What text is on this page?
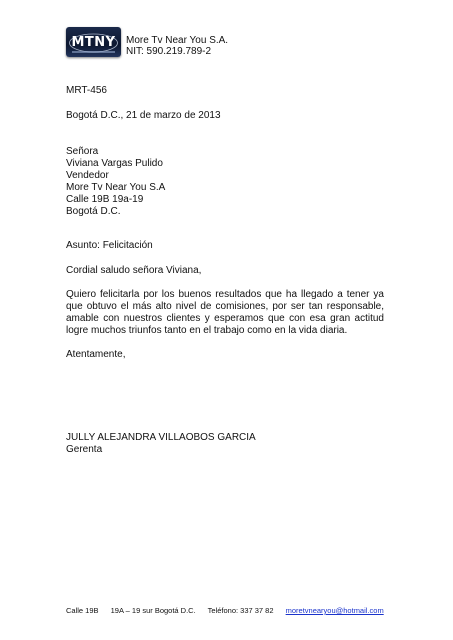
MTNY More Tv Near You S.A.
NIT: 590.219.789-2
MRT-456
Bogotá D.C., 21 de marzo de 2013
Señora
Viviana Vargas Pulido
Vendedor
More Tv Near You S.A
Calle 19B 19a-19
Bogotá D.C.
Asunto: Felicitación
Cordial saludo señora Viviana,
Quiero felicitarla por los buenos resultados que ha llegado a tener ya que obtuvo el más alto nivel de comisiones, por ser tan responsable, amable con nuestros clientes y esperamos que con esa gran actitud logre muchos triunfos tanto en el trabajo como en la vida diaria.
Atentamente,
JULLY ALEJANDRA VILLAOBOS GARCIA
Gerenta
Calle 19B 19A – 19 sur Bogotá D.C. Teléfono: 337 37 82 moretvnearyou@hotmail.com
